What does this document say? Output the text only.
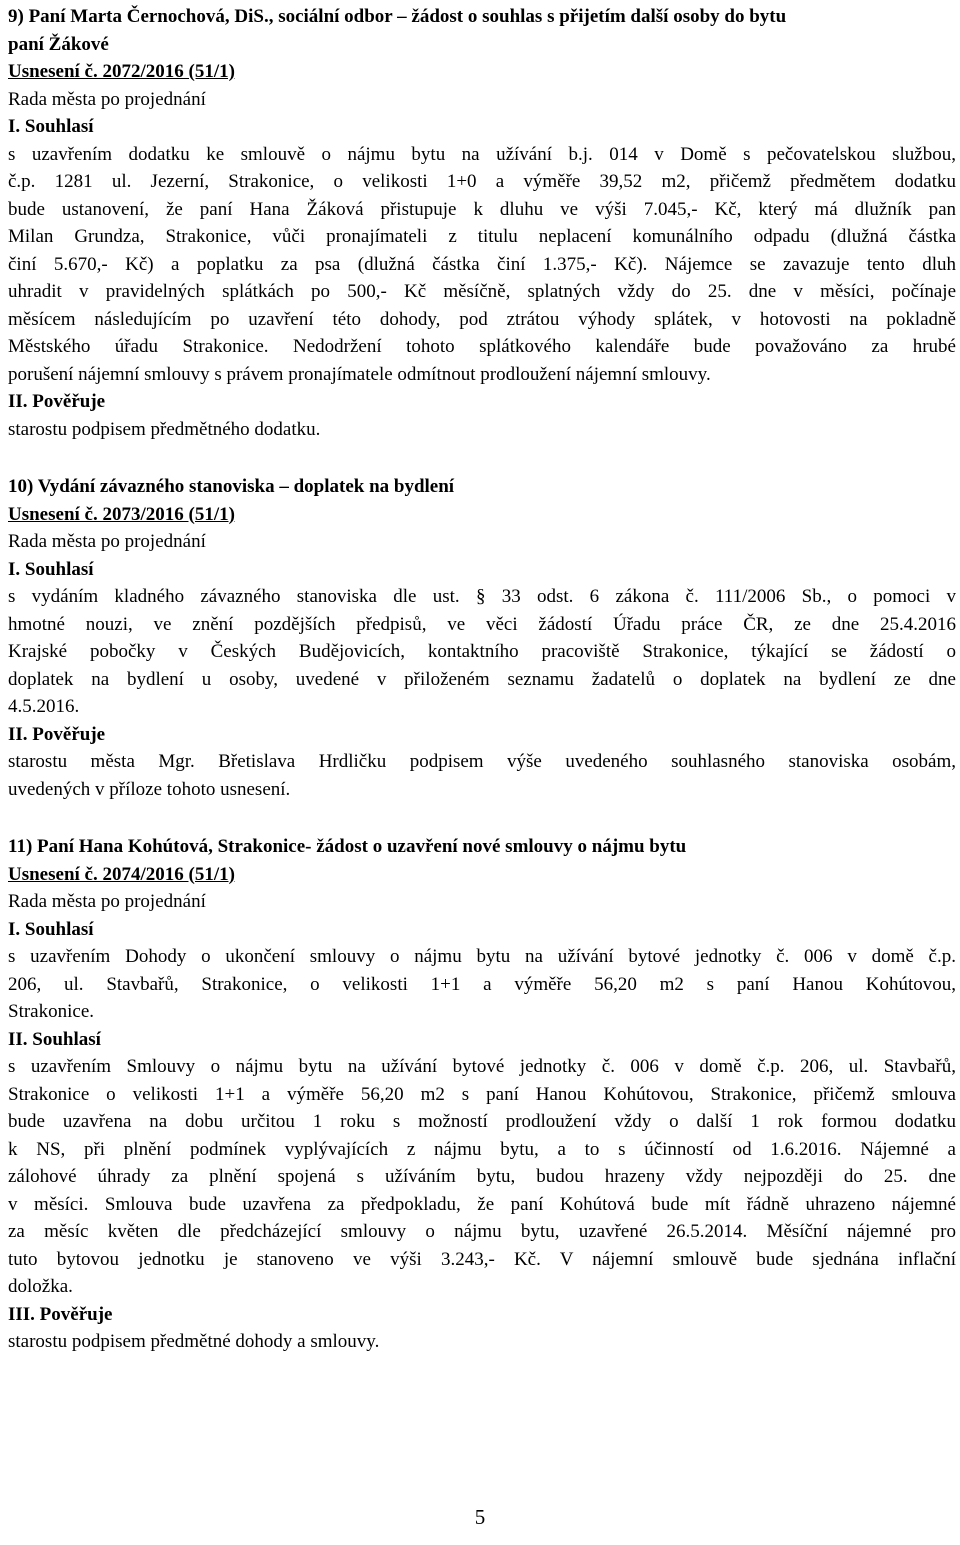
9) Paní Marta Černochová, DiS., sociální odbor – žádost o souhlas s přijetím další osoby do bytu
paní Žákové
Usnesení č. 2072/2016 (51/1)
Rada města po projednání
I. Souhlasí
s uzavřením dodatku ke smlouvě o nájmu bytu na užívání b.j. 014 v Domě s pečovatelskou službou,
č.p. 1281 ul. Jezerní, Strakonice, o velikosti 1+0 a výměře 39,52 m2, přičemž předmětem dodatku
bude ustanovení, že paní Hana Žáková přistupuje k dluhu ve výši 7.045,- Kč, který má dlužník pan
Milan Grundza, Strakonice, vůči pronajímateli z titulu neplacení komunálního odpadu (dlužná částka
činí 5.670,- Kč) a poplatku za psa (dlužná částka činí 1.375,- Kč). Nájemce se zavazuje tento dluh
uhradit v pravidelných splátkách po 500,- Kč měsíčně, splatných vždy do 25. dne v měsíci, počínaje
měsícem následujícím po uzavření této dohody, pod ztrátou výhody splátek, v hotovosti na pokladně
Městského úřadu Strakonice. Nedodržení tohoto splátkového kalendáře bude považováno za hrubé
porušení nájemní smlouvy s právem pronajímatele odmítnout prodloužení nájemní smlouvy.
II. Pověřuje
starostu podpisem předmětného dodatku.
10) Vydání závazného stanoviska – doplatek na bydlení
Usnesení č. 2073/2016 (51/1)
Rada města po projednání
I. Souhlasí
s vydáním kladného závazného stanoviska dle ust. § 33 odst. 6 zákona č. 111/2006 Sb., o pomoci v
hmotné nouzi, ve znění pozdějších předpisů, ve věci žádostí Úřadu práce ČR, ze dne 25.4.2016
Krajské pobočky v Českých Budějovicích, kontaktního pracoviště Strakonice, týkající se žádostí o
doplatek na bydlení u osoby, uvedené v přiloženém seznamu žadatelů o doplatek na bydlení ze dne
4.5.2016.
II. Pověřuje
starostu města Mgr. Břetislava Hrdličku podpisem výše uvedeného souhlasného stanoviska osobám,
uvedených v příloze tohoto usnesení.
11) Paní Hana Kohútová, Strakonice- žádost o uzavření nové smlouvy o nájmu bytu
Usnesení č. 2074/2016 (51/1)
Rada města po projednání
I. Souhlasí
s uzavřením Dohody o ukončení smlouvy o nájmu bytu na užívání bytové jednotky č. 006 v domě č.p.
206, ul. Stavbařů, Strakonice, o velikosti 1+1 a výměře 56,20 m2 s paní Hanou Kohútovou,
Strakonice.
II. Souhlasí
s uzavřením Smlouvy o nájmu bytu na užívání bytové jednotky č. 006 v domě č.p. 206, ul. Stavbařů,
Strakonice o velikosti 1+1 a výměře 56,20 m2 s paní Hanou Kohútovou, Strakonice, přičemž smlouva
bude uzavřena na dobu určitou 1 roku s možností prodloužení vždy o další 1 rok formou dodatku
k NS, při plnění podmínek vyplývajících z nájmu bytu, a to s účinností od 1.6.2016. Nájemné a
zálohové úhrady za plnění spojená s užíváním bytu, budou hrazeny vždy nejpozději do 25. dne
v měsíci. Smlouva bude uzavřena za předpokladu, že paní Kohútová bude mít řádně uhrazeno nájemné
za měsíc květen dle předcházející smlouvy o nájmu bytu, uzavřené 26.5.2014. Měsíční nájemné pro
tuto bytovou jednotku je stanoveno ve výši 3.243,- Kč. V nájemní smlouvě bude sjednána inflační
doložka.
III. Pověřuje
starostu podpisem předmětné dohody a smlouvy.
5
